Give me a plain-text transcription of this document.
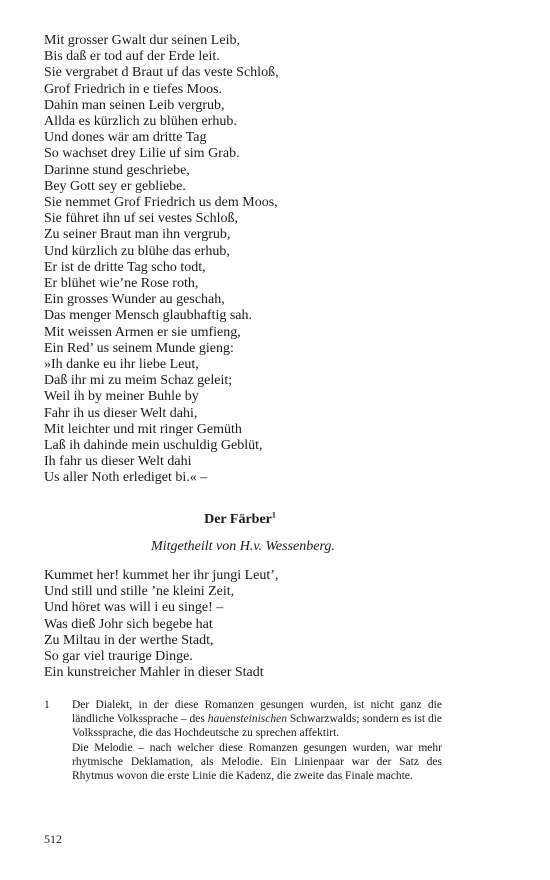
Mit grosser Gwalt dur seinen Leib,
Bis daß er tod auf der Erde leit.
Sie vergrabet d Braut uf das veste Schloß,
Grof Friedrich in e tiefes Moos.
Dahin man seinen Leib vergrub,
Allda es kürzlich zu blühen erhub.
Und dones wär am dritte Tag
So wachset drey Lilie uf sim Grab.
Darinne stund geschriebe,
Bey Gott sey er gebliebe.
Sie nemmet Grof Friedrich us dem Moos,
Sie führet ihn uf sei vestes Schloß,
Zu seiner Braut man ihn vergrub,
Und kürzlich zu blühe das erhub,
Er ist de dritte Tag scho todt,
Er blühet wie’ne Rose roth,
Ein grosses Wunder au geschah,
Das menger Mensch glaubhaftig sah.
Mit weissen Armen er sie umfieng,
Ein Red’ us seinem Munde gieng:
»Ih danke eu ihr liebe Leut,
Daß ihr mi zu meim Schaz geleit;
Weil ih by meiner Buhle by
Fahr ih us dieser Welt dahi,
Mit leichter und mit ringer Gemüth
Laß ih dahinde mein uschuldig Geblüt,
Ih fahr us dieser Welt dahi
Us aller Noth erlediget bi.« –
Der Färber$^1$
Mitgetheilt von H.v. Wessenberg.
Kummet her! kummet her ihr jungi Leut’,
Und still und stille ’ne kleini Zeit,
Und höret was will i eu singe! –
Was dieß Johr sich begebe hat
Zu Miltau in der werthe Stadt,
So gar viel traurige Dinge.
Ein kunstreicher Mahler in dieser Stadt
1 Der Dialekt, in der diese Romanzen gesungen wurden, ist nicht ganz die ländliche Volkssprache – des hauensteinischen Schwarzwalds; sondern es ist die Volkssprache, die das Hochdeutsche zu sprechen affektirt.
Die Melodie – nach welcher diese Romanzen gesungen wurden, war mehr rhytmische Deklamation, als Melodie. Ein Linienpaar war der Satz des Rhytmus wovon die erste Linie die Kadenz, die zweite das Finale machte.
512
